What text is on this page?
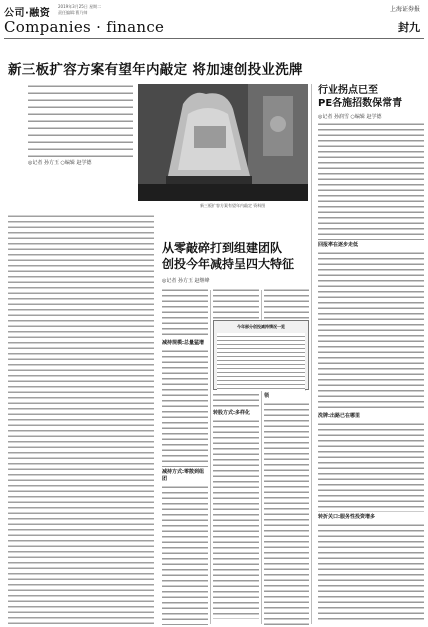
公司·融资
2019年3月25日 星期二
责任编辑:曹乃帅	上海证券报
Companies · finance	封九
新三板扩容方案有望年内敲定 将加速创投业洗牌
◎记者 孙方玉 ○编辑 赵学德
新三板扩容方案有望年内敲定 资料图
从零敲碎打到组建团队
创投今年减持呈四大特征
◎记者 孙方玉 赵继峰
减持规模:总量猛增
减持方式:零散到组团
转股方式:多样化
领
今年部分创投减持情况一览
行业拐点已至
PE各施招数保常青
◎记者 孙润雪 ○编辑 赵学德
回报率在逐步走低
洗牌:出路已在哪里
转折关口:服务性投资增多
